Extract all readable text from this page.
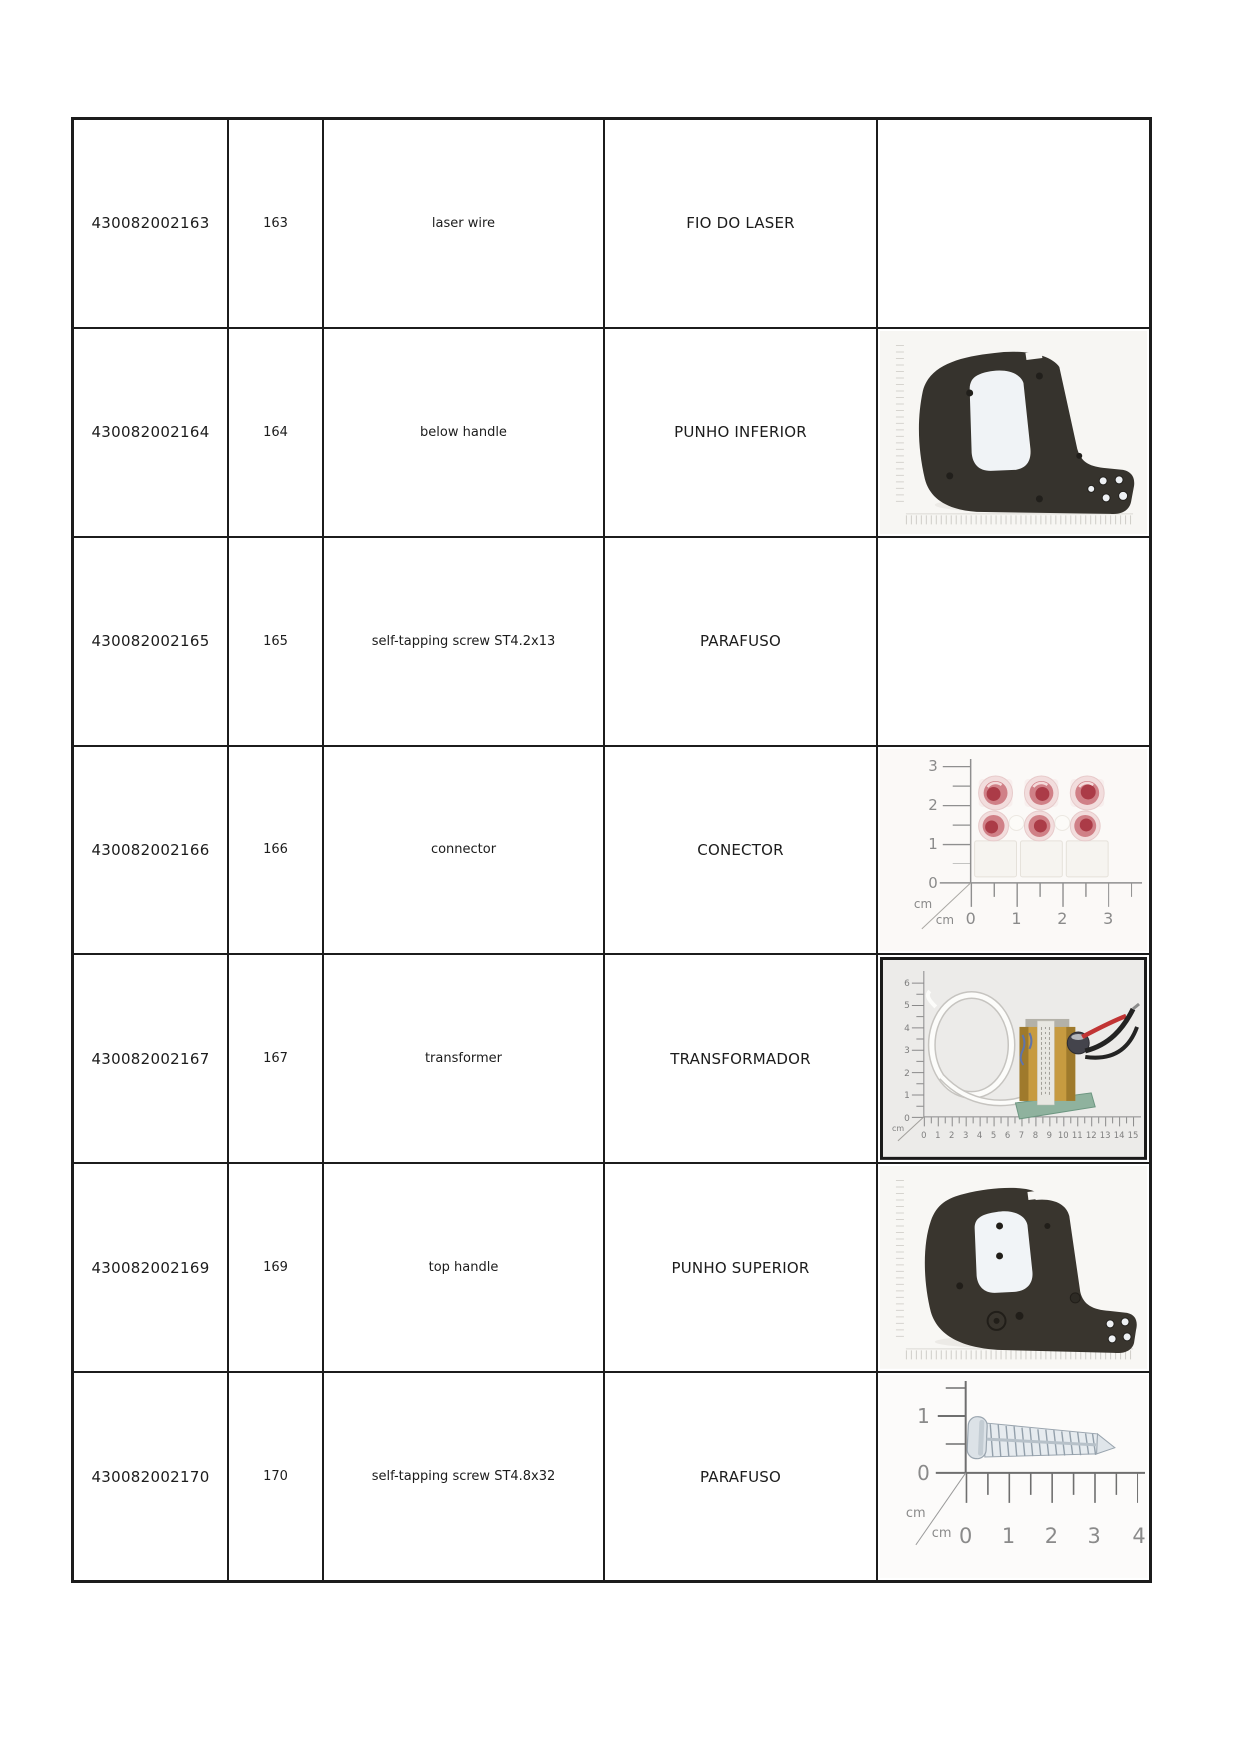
430082002163	163	laser wire	FIO DO LASER
430082002164	164	below handle	PUNHO INFERIOR
430082002165	165	self-tapping screw ST4.2x13	PARAFUSO
430082002166	166	connector	CONECTOR
3
2
1
0
0 1 2 3
cm
cm
430082002167	167	transformer	TRANSFORMADOR
6
5
4
3
2
1
0
0 1 2 3 4 5 6 7 8 9 10 11 12 13 14 15
cm
430082002169	169	top handle	PUNHO SUPERIOR
430082002170	170	self-tapping screw ST4.8x32	PARAFUSO
1
0
0 1 2 3 4
cm
cm
